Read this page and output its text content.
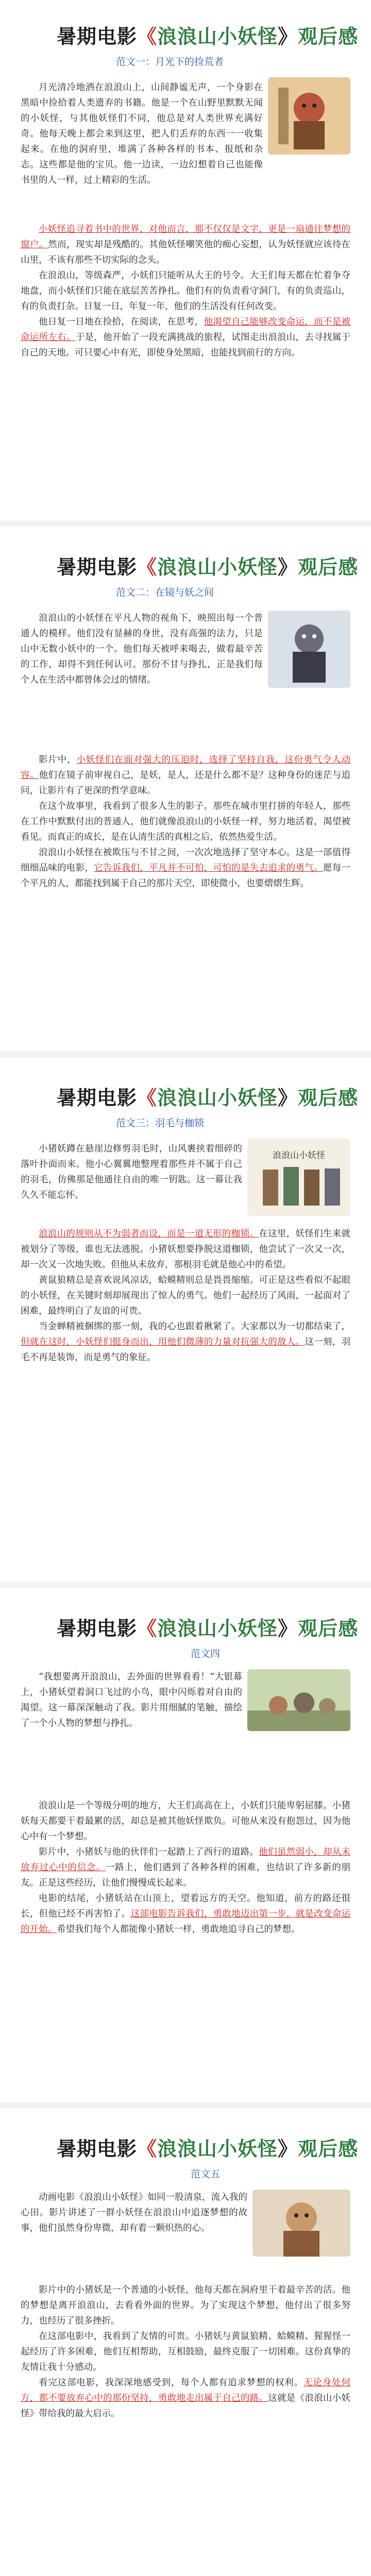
暑期电影《浪浪山小妖怪》观后感
范文一：月光下的捡荒者

月光清冷地洒在浪浪山上，山间静谧无声，一个身影在黑暗中捡拾着人类遗弃的书籍。他是一个在山野里默默无闻的小妖怪，与其他妖怪们不同，他总是对人类世界充满好奇。他每天晚上都会来到这里，把人们丢弃的东西一一收集起来。在他的洞府里，堆满了各种各样的书本、报纸和杂志。这些都是他的宝贝。他一边读，一边幻想着自己也能像书里的人一样，过上精彩的生活。

小妖怪追寻着书中的世界，对他而言，那不仅仅是文字，更是一扇通往梦想的窗户。然而，现实却是残酷的。其他妖怪嘲笑他的痴心妄想，认为妖怪就应该待在山里，不该有那些不切实际的念头。

在浪浪山，等级森严，小妖们只能听从大王的号令。大王们每天都在忙着争夺地盘，而小妖怪们只能在底层苦苦挣扎。他们有的负责看守洞门，有的负责巡山，有的负责打杂。日复一日，年复一年，他们的生活没有任何改变。

他日复一日地在捡拾，在阅读，在思考，他渴望自己能够改变命运，而不是被命运所左右。于是，他开始了一段充满挑战的旅程，试图走出浪浪山，去寻找属于自己的天地。可只要心中有光，即使身处黑暗，也能找到前行的方向。

暑期电影《浪浪山小妖怪》观后感
范文二：在镜与妖之间

浪浪山的小妖怪在平凡人物的视角下，映照出每一个普通人的模样。他们没有显赫的身世，没有高强的法力，只是山中无数小妖中的一个。他们每天被呼来喝去，做着最辛苦的工作，却得不到任何认可。那份不甘与挣扎，正是我们每个人在生活中都曾体会过的情绪。

影片中，小妖怪们在面对强大的压迫时，选择了坚持自我，这份勇气令人动容。他们在镜子前审视自己，是妖，是人，还是什么都不是？这种身份的迷茫与追问，让影片有了更深的哲学意味。

在这个故事里，我看到了很多人生的影子。那些在城市里打拼的年轻人，那些在工作中默默付出的普通人，他们就像浪浪山的小妖怪一样，努力地活着，渴望被看见。而真正的成长，是在认清生活的真相之后，依然热爱生活。

浪浪山小妖怪在被欺压与不甘之间，一次次地选择了坚守本心。这是一部值得细细品味的电影，它告诉我们，平凡并不可怕，可怕的是失去追求的勇气。愿每一个平凡的人，都能找到属于自己的那片天空，即使微小，也要熠熠生辉。

暑期电影《浪浪山小妖怪》观后感
范文三：羽毛与枷锁
浪浪山小妖怪

小猪妖蹲在悬崖边修剪羽毛时，山风裹挟着细碎的落叶扑面而来。他小心翼翼地整理着那些并不属于自己的羽毛，仿佛那是他通往自由的唯一钥匙。这一幕让我久久不能忘怀。

浪浪山的规则从不为弱者而设，而是一道无形的枷锁。在这里，妖怪们生来就被划分了等级，谁也无法逃脱。小猪妖想要挣脱这道枷锁，他尝试了一次又一次，却一次又一次地失败。但他从未放弃，那根羽毛就是他心中的希望。

黄鼠狼精总是喜欢说风凉话，蛤蟆精则总是畏畏缩缩。可正是这些看似不起眼的小妖怪，在关键时刻却展现出了惊人的勇气。他们一起经历了风雨，一起面对了困难，最终明白了友谊的可贵。

当金蝉精被捆绑的那一刻，我的心也跟着揪紧了。大家都以为一切都结束了，但就在这时，小妖怪们挺身而出，用他们微薄的力量对抗强大的敌人。这一刻，羽毛不再是装饰，而是勇气的象征。

暑期电影《浪浪山小妖怪》观后感
范文四

“我想要离开浪浪山，去外面的世界看看！”大银幕上，小猪妖望着洞口飞过的小鸟，眼中闪烁着对自由的渴望。这一幕深深触动了我。影片用细腻的笔触，描绘了一个小人物的梦想与挣扎。

浪浪山是一个等级分明的地方，大王们高高在上，小妖们只能卑躬屈膝。小猪妖每天都要干着最累的活，却总是被其他妖怪欺负。可他从来没有抱怨过，因为他心中有一个梦想。

影片中，小猪妖与他的伙伴们一起踏上了西行的道路。他们虽然弱小，却从未放弃过心中的信念。一路上，他们遇到了各种各样的困难，也结识了许多新的朋友。正是这些经历，让他们慢慢成长起来。

电影的结尾，小猪妖站在山顶上，望着远方的天空。他知道，前方的路还很长，但他已经不再害怕了。这部电影告诉我们，勇敢地迈出第一步，就是改变命运的开始。希望我们每个人都能像小猪妖一样，勇敢地追寻自己的梦想。

暑期电影《浪浪山小妖怪》观后感
范文五

动画电影《浪浪山小妖怪》如同一股清泉，流入我的心田。影片讲述了一群小妖怪在浪浪山中追逐梦想的故事，他们虽然身份卑微，却有着一颗炽热的心。

影片中的小猪妖是一个普通的小妖怪，他每天都在洞府里干着最辛苦的活。他的梦想是离开浪浪山，去看看外面的世界。为了实现这个梦想，他付出了很多努力，也经历了很多挫折。

在这部电影中，我看到了友情的可贵。小猪妖与黄鼠狼精、蛤蟆精、猩猩怪一起经历了许多困难，他们互相帮助，互相鼓励，最终克服了一切困难。这份真挚的友情让我十分感动。

看完这部电影，我深深地感受到，每个人都有追求梦想的权利。无论身处何方，都不要放弃心中的那份坚持，勇敢地走出属于自己的路。这就是《浪浪山小妖怪》带给我的最大启示。
